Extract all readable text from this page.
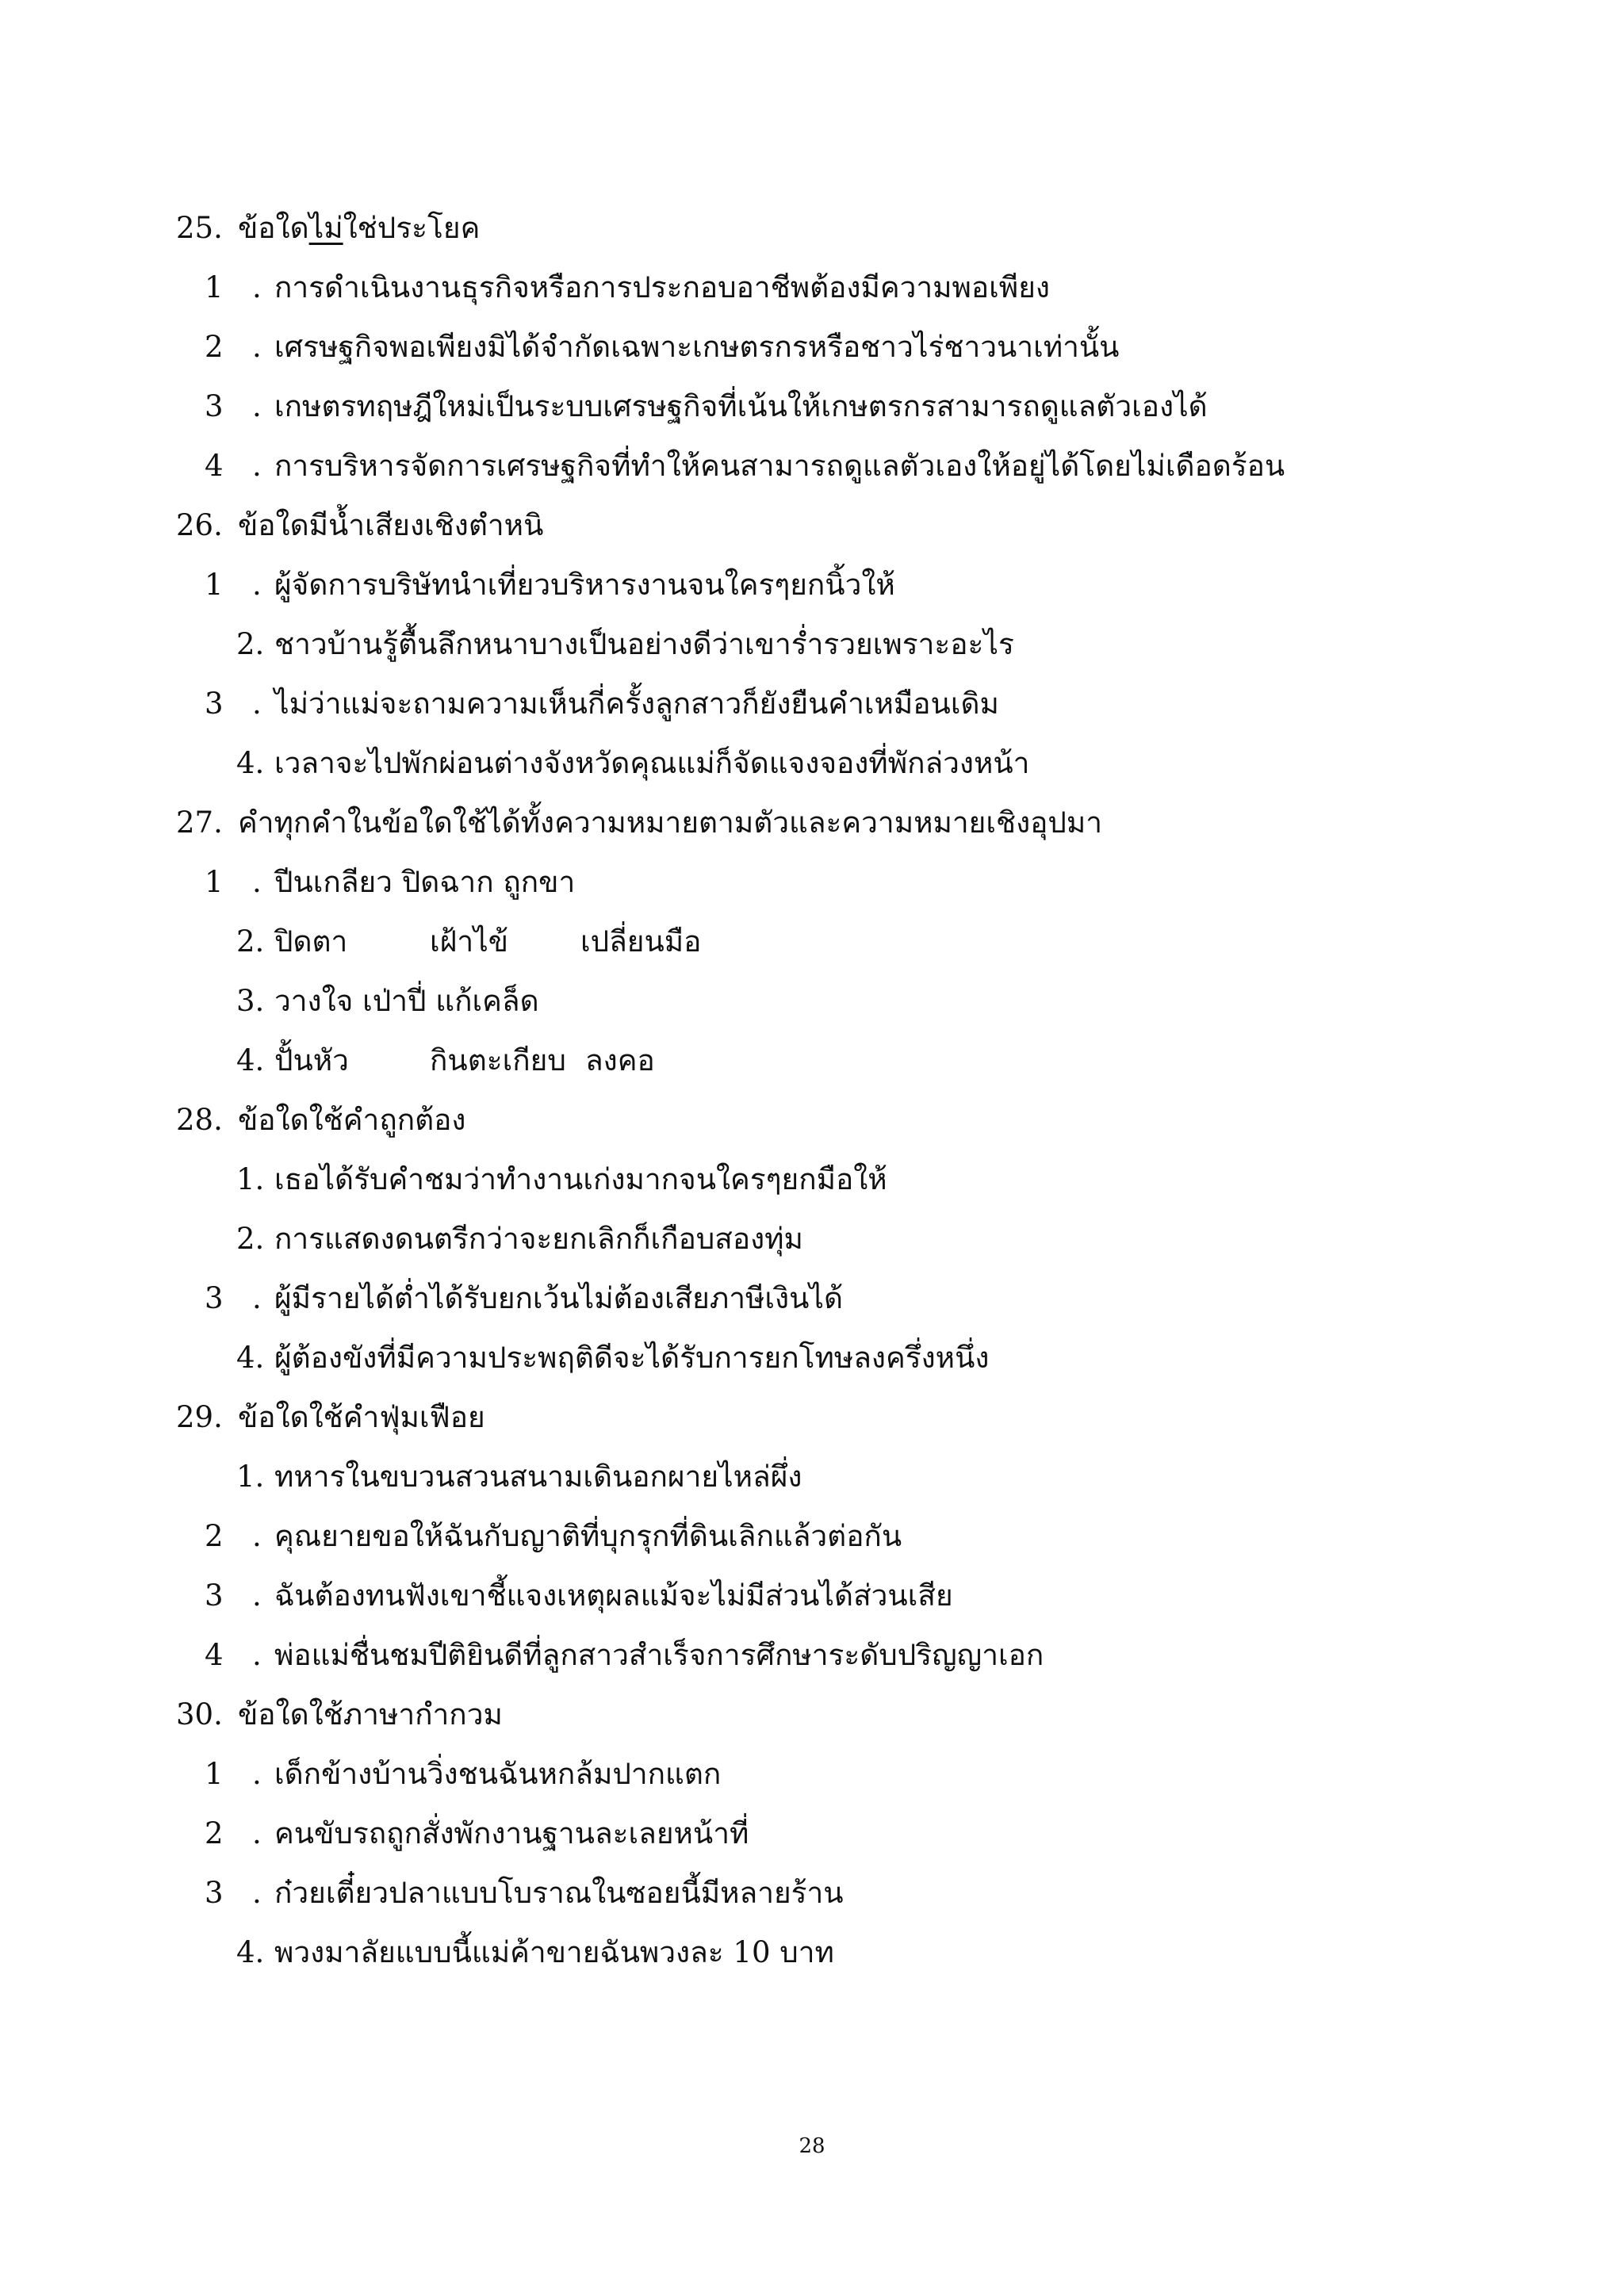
25. ข้อใดไม่ใช่ประโยค
1 . การดำเนินงานธุรกิจหรือการประกอบอาชีพต้องมีความพอเพียง
2 . เศรษฐกิจพอเพียงมิได้จำกัดเฉพาะเกษตรกรหรือชาวไร่ชาวนาเท่านั้น
3 . เกษตรทฤษฎีใหม่เป็นระบบเศรษฐกิจที่เน้นให้เกษตรกรสามารถดูแลตัวเองได้
4 . การบริหารจัดการเศรษฐกิจที่ทำให้คนสามารถดูแลตัวเองให้อยู่ได้โดยไม่เดือดร้อน
26. ข้อใดมีน้ำเสียงเชิงตำหนิ
1 . ผู้จัดการบริษัทนำเที่ยวบริหารงานจนใครๆยกนิ้วให้
2. ชาวบ้านรู้ตื้นลึกหนาบางเป็นอย่างดีว่าเขาร่ำรวยเพราะอะไร
3 . ไม่ว่าแม่จะถามความเห็นกี่ครั้งลูกสาวก็ยังยืนคำเหมือนเดิม
4. เวลาจะไปพักผ่อนต่างจังหวัดคุณแม่ก็จัดแจงจองที่พักล่วงหน้า
27. คำทุกคำในข้อใดใช้ได้ทั้งความหมายตามตัวและความหมายเชิงอุปมา
1 . ปีนเกลียว ปิดฉาก ถูกขา
2. ปิดตา	เฝ้าไข้ เปลี่ยนมือ
3. วางใจ เป่าปี่ แก้เคล็ด
4. ปั้นหัว	กินตะเกียบ ลงคอ
28. ข้อใดใช้คำถูกต้อง
1. เธอได้รับคำชมว่าทำงานเก่งมากจนใครๆยกมือให้
2. การแสดงดนตรีกว่าจะยกเลิกก็เกือบสองทุ่ม
3 . ผู้มีรายได้ต่ำได้รับยกเว้นไม่ต้องเสียภาษีเงินได้
4. ผู้ต้องขังที่มีความประพฤติดีจะได้รับการยกโทษลงครึ่งหนึ่ง
29. ข้อใดใช้คำฟุ่มเฟือย
1. ทหารในขบวนสวนสนามเดินอกผายไหล่ผึ่ง
2 . คุณยายขอให้ฉันกับญาติที่บุกรุกที่ดินเลิกแล้วต่อกัน
3 . ฉันต้องทนฟังเขาชี้แจงเหตุผลแม้จะไม่มีส่วนได้ส่วนเสีย
4 . พ่อแม่ชื่นชมปีติยินดีที่ลูกสาวสำเร็จการศึกษาระดับปริญญาเอก
30. ข้อใดใช้ภาษากำกวม
1 . เด็กข้างบ้านวิ่งชนฉันหกล้มปากแตก
2 . คนขับรถถูกสั่งพักงานฐานละเลยหน้าที่
3 . ก๋วยเตี๋ยวปลาแบบโบราณในซอยนี้มีหลายร้าน
4. พวงมาลัยแบบนี้แม่ค้าขายฉันพวงละ 10 บาท
28
